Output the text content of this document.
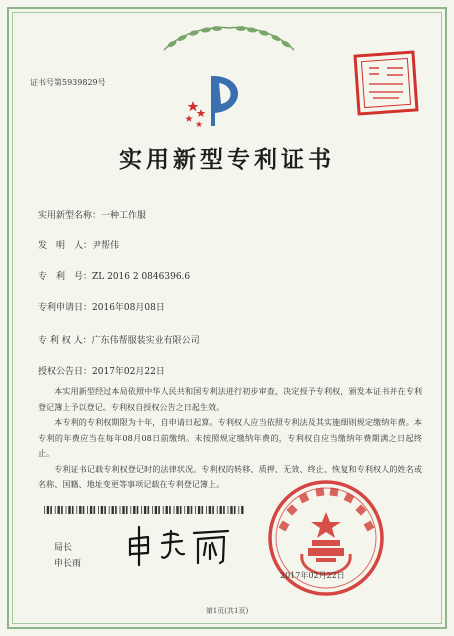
证书号第5939829号
实用新型专利证书
实用新型名称：一种工作服
发　明　人：尹帮伟
专　利　号：ZL 2016 2 0846396.6
专利申请日：2016年08月08日
专 利 权 人：广东伟帮服装实业有限公司
授权公告日：2017年02月22日

本实用新型经过本局依照中华人民共和国专利法进行初步审查，决定授予专利权，颁发本证书并在专利登记簿上予以登记。专利权自授权公告之日起生效。

本专利的专利权期限为十年，自申请日起算。专利权人应当依照专利法及其实施细则规定缴纳年费。本专利的年费应当在每年08月08日前缴纳。未按照规定缴纳年费的，专利权自应当缴纳年费期满之日起终止。

专利证书记载专利权登记时的法律状况。专利权的转移、质押、无效、终止、恢复和专利权人的姓名或名称、国籍、地址变更等事项记载在专利登记簿上。

局长
申长雨
2017年02月22日
第1页(共1页)
